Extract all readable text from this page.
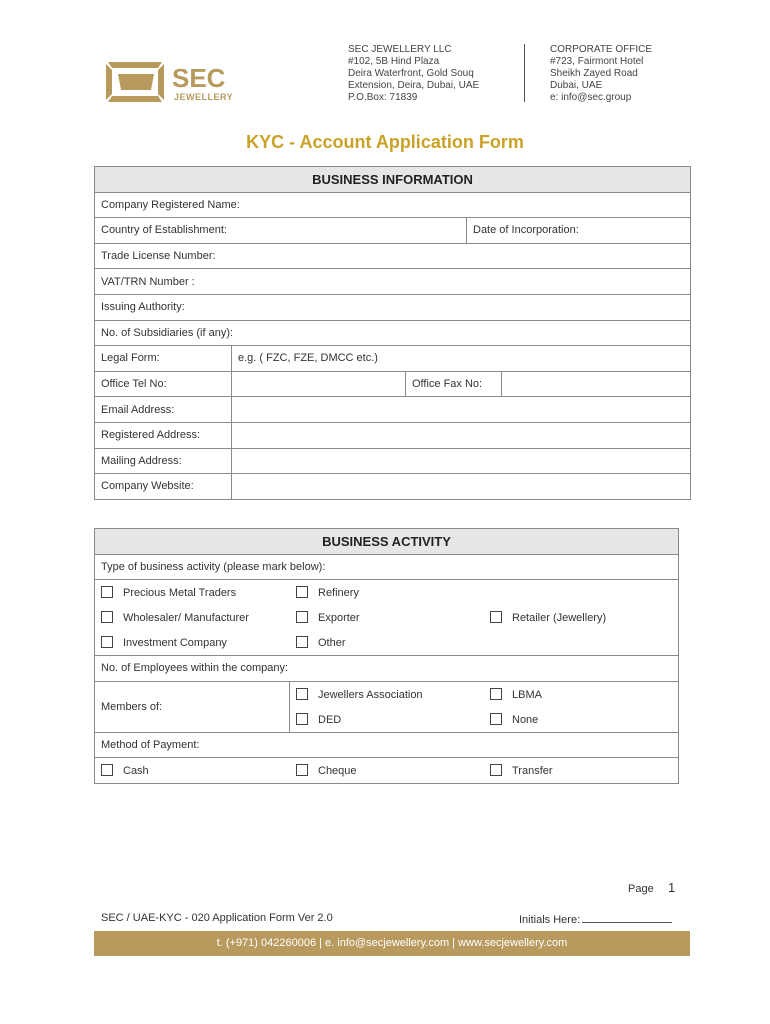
SEC
JEWELLERY
SEC JEWELLERY LLC
#102, 5B Hind Plaza
Deira Waterfront, Gold Souq
Extension, Deira, Dubai, UAE
P.O.Box: 71839
CORPORATE OFFICE
#723, Fairmont Hotel
Sheikh Zayed Road
Dubai, UAE
e: info@sec.group
KYC - Account Application Form
BUSINESS INFORMATION				
Company Registered Name:				
Country of Establishment:			Date of Incorporation:	
Trade License Number:				
VAT/TRN Number :				
Issuing Authority:				
No. of Subsidiaries (if any):				
Legal Form:	e.g. ( FZC, FZE, DMCC etc.)			
Office Tel No:		Office Fax No:		
Email Address:				
Registered Address:				
Mailing Address:				
Company Website:				
BUSINESS ACTIVITY
Type of business activity (please mark below):

Precious Metal Traders	Refinery
Wholesaler/ Manufacturer	Exporter	Retailer (Jewellery)
Investment Company	Other

No. of Employees within the company:
Members of:	
Jewellers Association	LBMA
DED	None

Method of Payment:

Cash	Cheque	Transfer
Page 1
SEC / UAE-KYC - 020 Application Form Ver 2.0	Initials Here:
t. (+971) 042260006 | e. info@secjewellery.com | www.secjewellery.com
